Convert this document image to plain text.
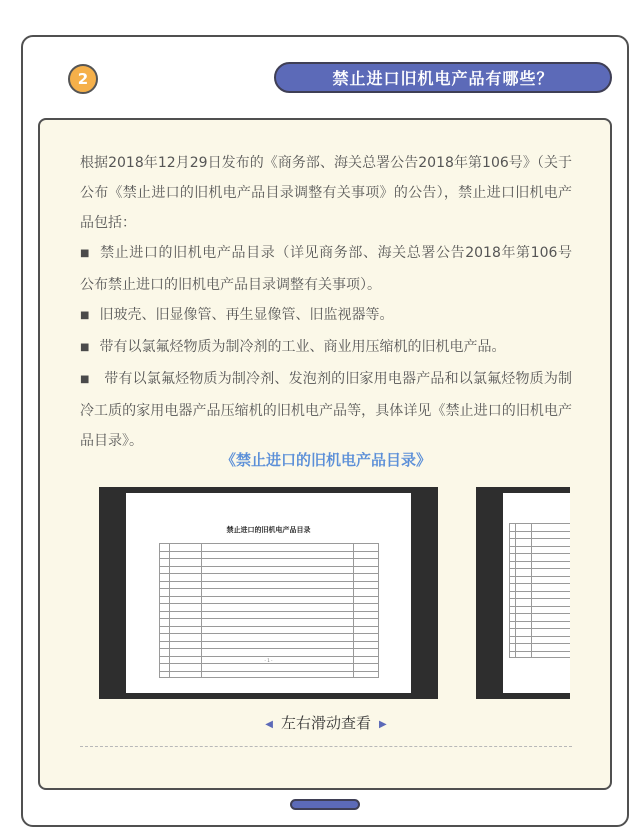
2	禁止进口旧机电产品有哪些？

根据2018年12月29日发布的《商务部、海关总署公告2018年第106号》（关于公布《禁止进口的旧机电产品目录调整有关事项》的公告），禁止进口旧机电产品包括：

■ 禁止进口的旧机电产品目录（详见商务部、海关总署公告2018年第106号 公布禁止进口的旧机电产品目录调整有关事项）。

■ 旧玻壳、旧显像管、再生显像管、旧监视器等。

■ 带有以氯氟烃物质为制冷剂的工业、商业用压缩机的旧机电产品。

■ 带有以氯氟烃物质为制冷剂、发泡剂的旧家用电器产品和以氯氟烃物质为制冷工质的家用电器产品压缩机的旧机电产品等，具体详见《禁止进口的旧机电产品目录》。

《禁止进口的旧机电产品目录》
禁止进口的旧机电产品目录
- 1 -
◀ 左右滑动查看 ▶
